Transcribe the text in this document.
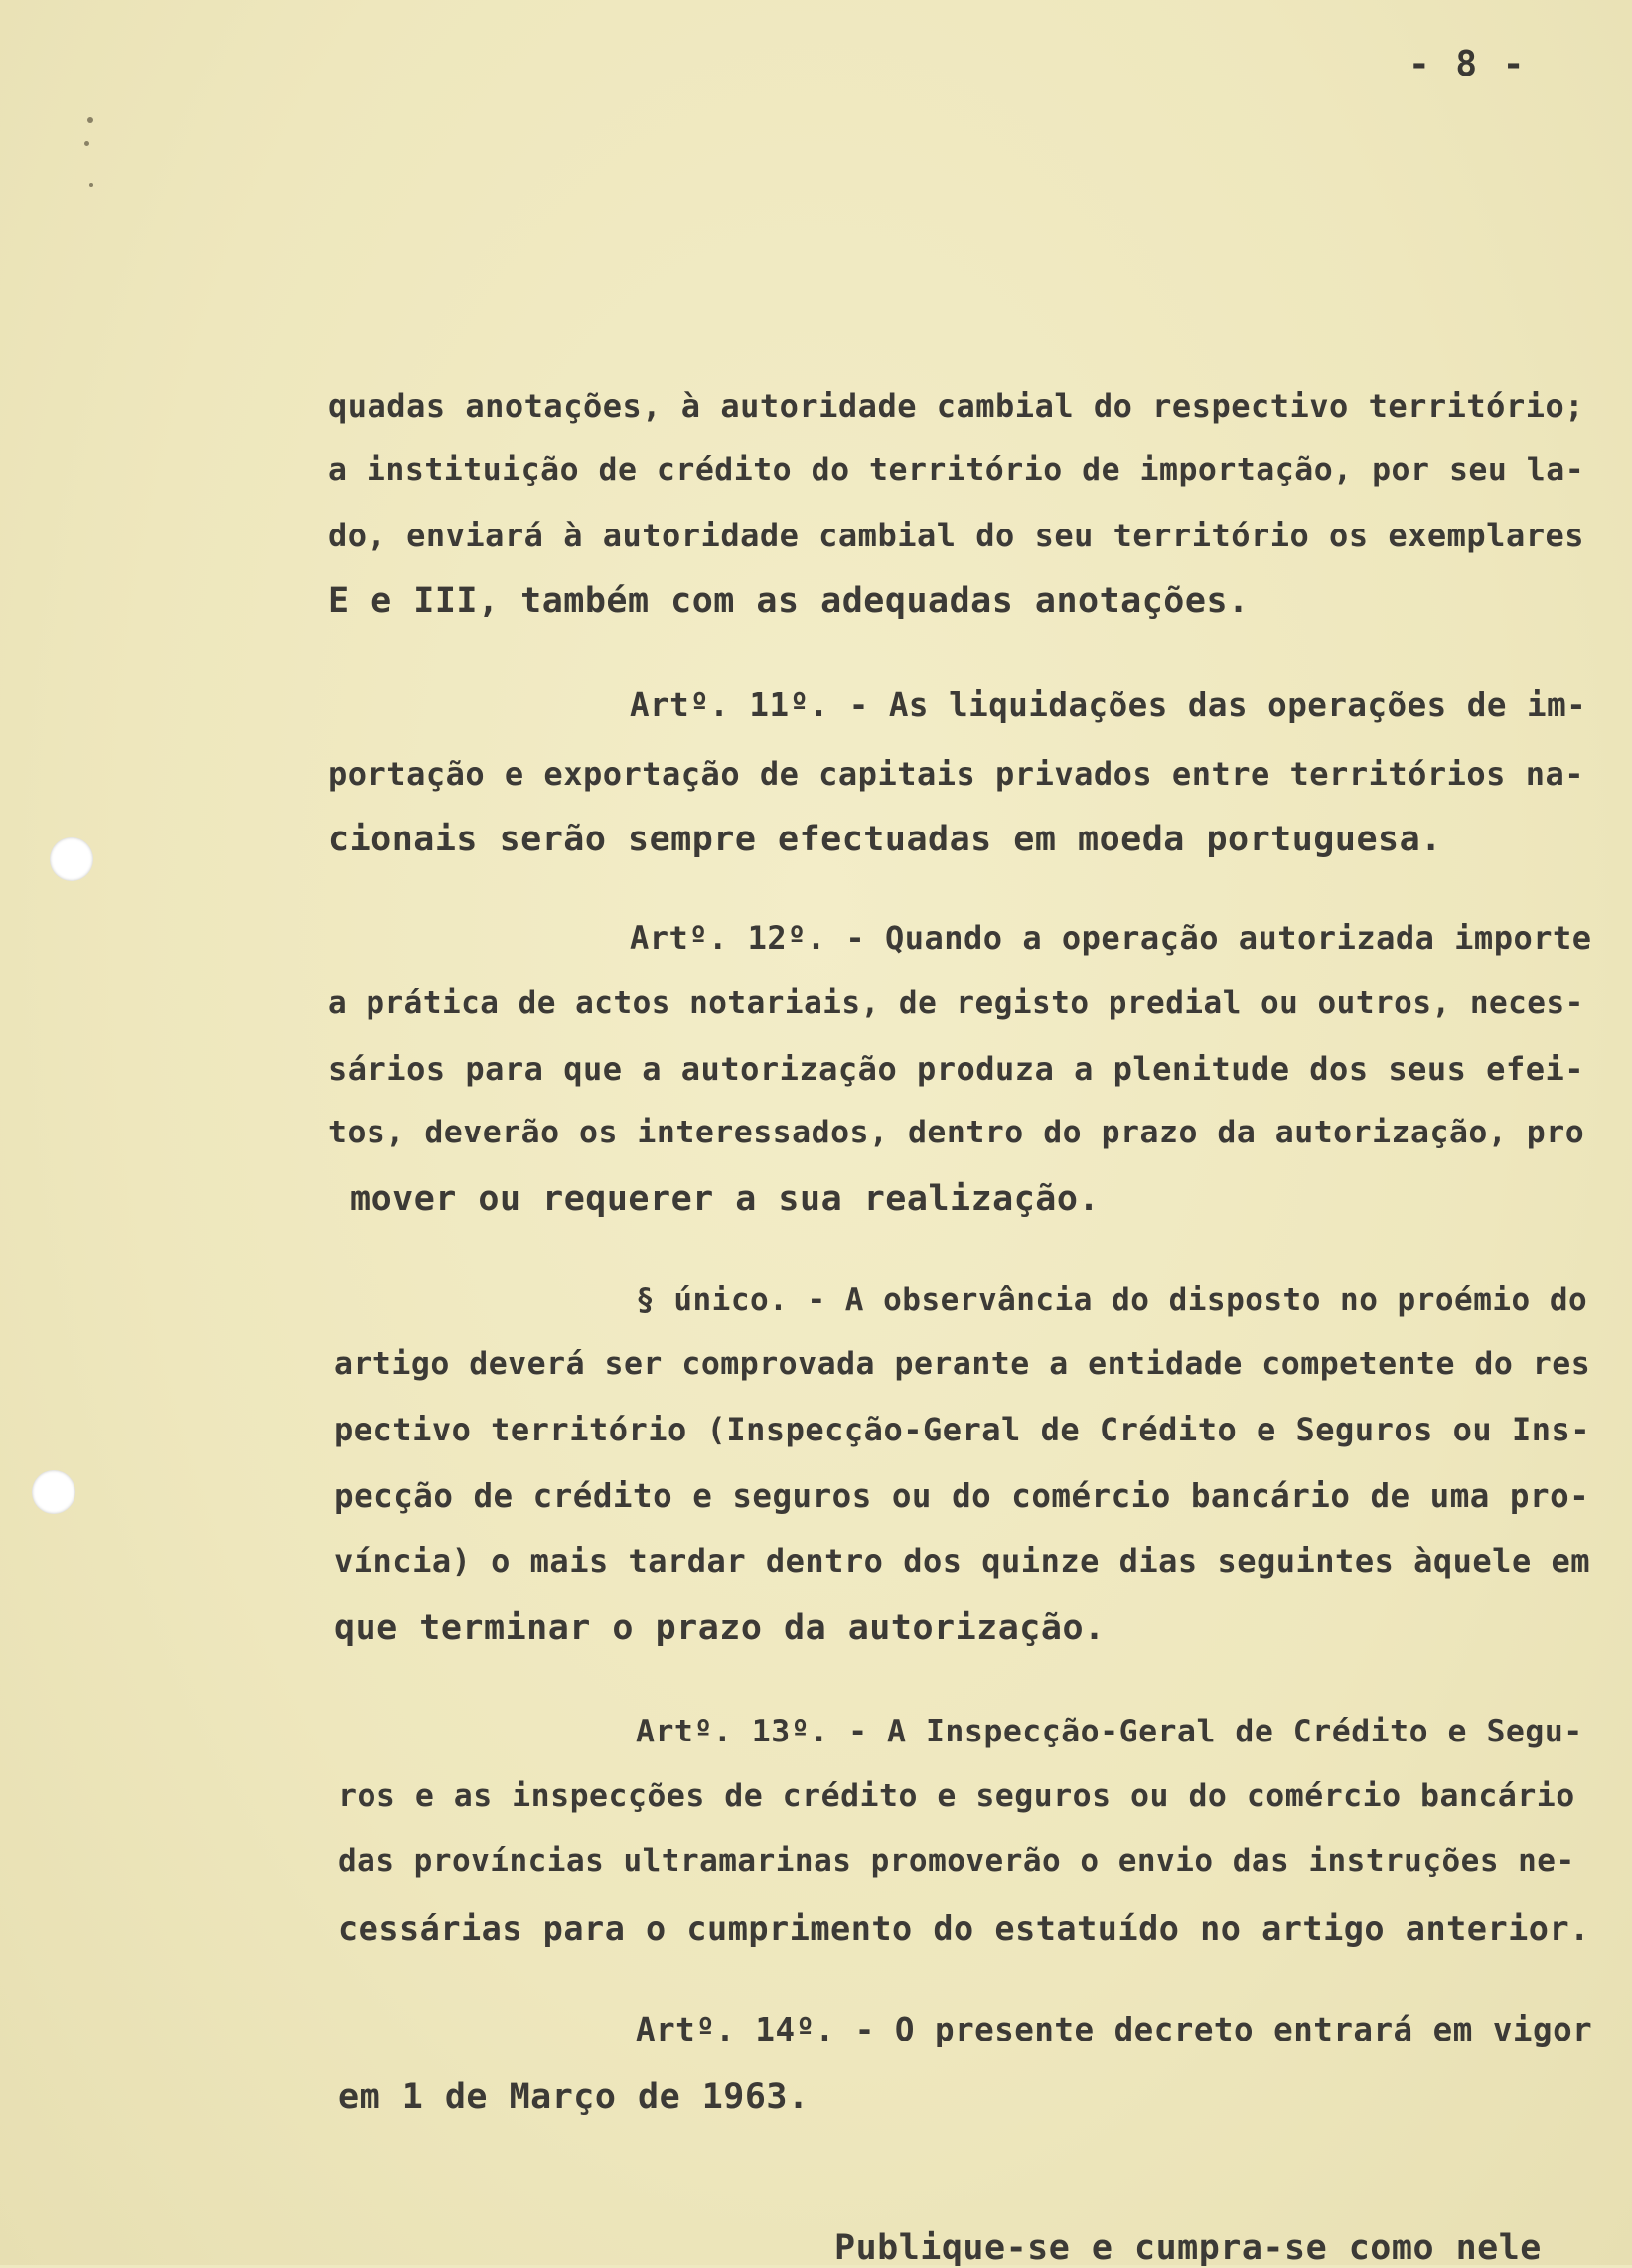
- 8 -
quadas anotações, à autoridade cambial do respectivo território;
a instituição de crédito do território de importação, por seu la-
do, enviará à autoridade cambial do seu território os exemplares
E e III, também com as adequadas anotações.
Artº. 11º. - As liquidações das operações de im-
portação e exportação de capitais privados entre territórios na-
cionais serão sempre efectuadas em moeda portuguesa.
Artº. 12º. - Quando a operação autorizada importe
a prática de actos notariais, de registo predial ou outros, neces-
sários para que a autorização produza a plenitude dos seus efei-
tos, deverão os interessados, dentro do prazo da autorização, pro
mover ou requerer a sua realização.
§ único. - A observância do disposto no proémio do
artigo deverá ser comprovada perante a entidade competente do res
pectivo território (Inspecção-Geral de Crédito e Seguros ou Ins-
pecção de crédito e seguros ou do comércio bancário de uma pro-
víncia) o mais tardar dentro dos quinze dias seguintes àquele em
que terminar o prazo da autorização.
Artº. 13º. - A Inspecção-Geral de Crédito e Segu-
ros e as inspecções de crédito e seguros ou do comércio bancário
das províncias ultramarinas promoverão o envio das instruções ne-
cessárias para o cumprimento do estatuído no artigo anterior.
Artº. 14º. - O presente decreto entrará em vigor
em 1 de Março de 1963.
Publique-se e cumpra-se como nele
